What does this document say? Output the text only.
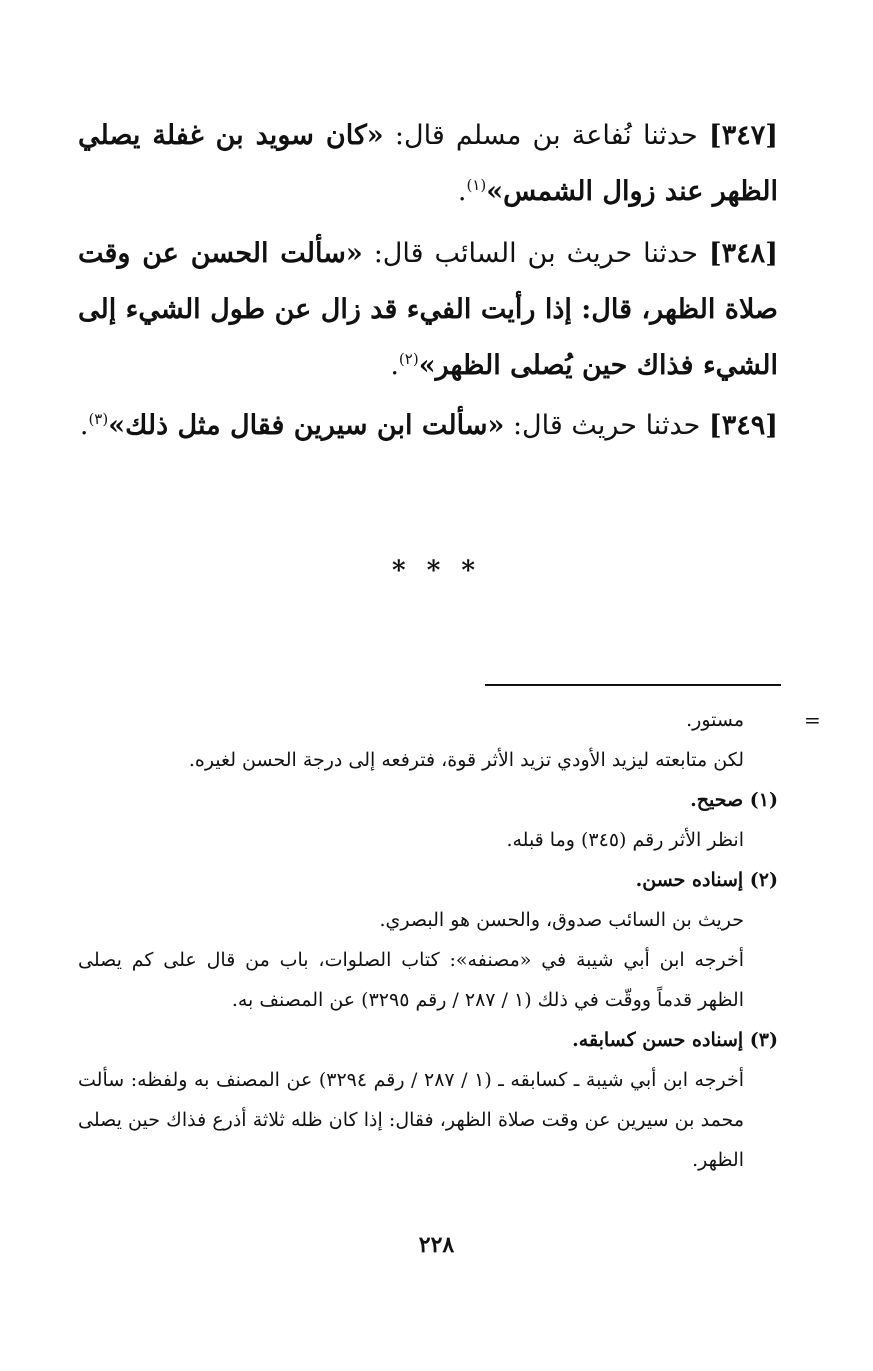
[٣٤٧] حدثنا نُفاعة بن مسلم قال: «كان سويد بن غفلة يصلي الظهر عند زوال الشمس»$^{(١)}$.
[٣٤٨] حدثنا حريث بن السائب قال: «سألت الحسن عن وقت صلاة الظهر، قال: إذا رأيت الفيء قد زال عن طول الشيء إلى الشيء فذاك حين يُصلى الظهر»$^{(٢)}$.
[٣٤٩] حدثنا حريث قال: «سألت ابن سيرين فقال مثل ذلك»$^{(٣)}$.
* * *
=

مستور.

لكن متابعته ليزيد الأودي تزيد الأثر قوة، فترفعه إلى درجة الحسن لغيره.

(١) صحيح.

انظر الأثر رقم (٣٤٥) وما قبله.

(٢) إسناده حسن.

حريث بن السائب صدوق، والحسن هو البصري.

أخرجه ابن أبي شيبة في «مصنفه»: كتاب الصلوات، باب من قال على كم يصلى الظهر قدماً ووقّت في ذلك (١ / ٢٨٧ / رقم ٣٢٩٥) عن المصنف به.

(٣) إسناده حسن كسابقه.

أخرجه ابن أبي شيبة ـ كسابقه ـ (١ / ٢٨٧ / رقم ٣٢٩٤) عن المصنف به ولفظه: سألت محمد بن سيرين عن وقت صلاة الظهر، فقال: إذا كان ظله ثلاثة أذرع فذاك حين يصلى الظهر.

٢٢٨
